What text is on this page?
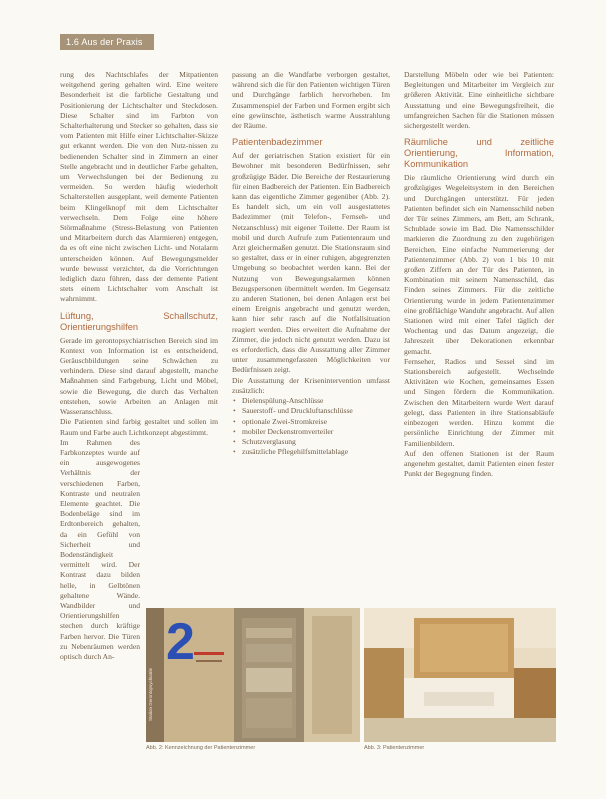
1.6 Aus der Praxis

rung des Nachtschlafes der Mitpatienten weitgehend gering gehalten wird. Eine weitere Besonderheit ist die farbliche Gestaltung und Positionierung der Lichtschalter und Steckdosen. Diese Schalter sind im Farbton von Schalterhalterung und Stecker so gehalten, dass sie vom Patienten mit Hilfe einer Lichtschalter-Skizze gut erkannt werden. Die von den Nutz-nissen zu bedienenden Schalter sind in Zimmern an einer Stelle angebracht und in deutlicher Farbe gehalten, um Verwechslungen bei der Bedienung zu vermeiden. So werden häufig wiederholt Schalterstellen ausgeplant, weil demente Patienten beim Klingelknopf mit dem Lichtschalter verwechseln. Dem Folge eine höhere Störmaßnahme (Stress-Belastung von Patienten und Mitarbeitern durch das Alarmieren) entgegen, da es oft eine nicht zwischen Licht- und Notalarm unterscheiden können. Auf Bewegungsmelder wurde bewusst verzichtet, da die Vorrichtungen lediglich dazu führen, dass der demente Patient stets einem Lichtschalter vom Anschalt ist wahrnimmt.

Lüftung, Schallschutz, Orientierungshilfen

Gerade im gerontopsychiatrischen Bereich sind im Kontext von Information ist es entscheidend, Geräuschbildungen seine Schwächen zu verhindern. Diese sind darauf abgestellt, manche Maßnahmen sind Farbgebung, Licht und Möbel, sowie die Bewegung, die durch das Verhalten entstehen, sowie Arbeiten an Anlagen mit Wasseranschluss.

Die Patienten sind farbig gestaltet und sollen im Raum und Farbe auch Lichtkonzept abgestimmt.

Im Rahmen des Farbkonzeptes wurde auf ein ausgewogenes Verhältnis der verschiedenen Farben, Kontraste und neutralen Elemente geachtet. Die Bodenbeläge sind im Erdtonbereich gehalten, da ein Gefühl von Sicherheit und Bodenständigkeit vermittelt wird. Der Kontrast dazu bilden helle, in Gelbtönen gehaltene Wände. Wandbilder und Orientierungshilfen stechen durch kräftige Farben hervor. Die Türen zu Nebenräumen werden optisch durch An-

passung an die Wandfarbe verborgen gestaltet, während sich die für den Patienten wichtigen Türen und Durchgänge farblich hervorheben. Im Zusammenspiel der Farben und Formen ergibt sich eine gewünschte, ästhetisch warme Ausstrahlung der Räume.

Patientenbadezimmer

Auf der geriatrischen Station existiert für ein Bewohner mit besonderen Bedürfnissen, sehr großzügige Bäder. Die Bereiche der Restaurierung für einen Badbereich der Patienten. Ein Badbereich kann das eigentliche Zimmer gegenüber (Abb. 2). Es handelt sich, um ein voll ausgestattetes Badezimmer (mit Telefon-, Fernseh- und Netzanschluss) mit eigener Toilette. Der Raum ist mobil und durch Aufrufe zum Patientenraum und Arzt gleichermaßen genutzt. Die Stationsraum sind so gestaltet, dass er in einer ruhigen, abgegrenzten Umgebung so beobachtet werden kann. Bei der Nutzung von Bewegungsalarmen können Bezugspersonen übermittelt werden. Im Gegensatz zu anderen Stationen, bei denen Anlagen erst bei einem Ereignis angebracht und genutzt werden, kann hier sehr rasch auf die Notfallsituation reagiert werden. Dies erweitert die Aufnahme der Zimmer, die jedoch nicht genutzt werden. Dazu ist es erforderlich, dass die Ausstattung aller Zimmer unter zusammengefassten Möglichkeiten vor Bedürfnissen zeigt.

Die Ausstattung der Krisenintervention umfasst zusätzlich:

• Dielenspülung-Anschlüsse
• Sauerstoff- und Druckluftanschlüsse
• optionale Zwei-Stromkreise
• mobiler Deckenstromverteiler
• Schutzverglasung
• zusätzliche Pflegehilfsmittelablage

Darstellung Möbeln oder wie bei Patienten: Begleitungen und Mitarbeiter im Vergleich zur größeren Aktivität. Eine einheitliche sichtbare Ausstattung und eine Bewegungsfreiheit, die umfangreichen Sachen für die Stationen müssen sichergestellt werden.

Räumliche und zeitliche Orientierung, Information, Kommunikation

Die räumliche Orientierung wird durch ein großzügiges Wegeleitsystem in den Bereichen und Durchgängen unterstützt. Für jeden Patienten befindet sich ein Namensschild neben der Tür seines Zimmers, am Bett, am Schrank, Schublade sowie im Bad. Die Namensschilder markieren die Zuordnung zu den zugehörigen Bereichen. Eine einfache Nummerierung der Patientenzimmer (Abb. 2) von 1 bis 10 mit großen Ziffern an der Tür des Patienten, in Kombination mit seinem Namensschild, das Finden seines Zimmers. Für die zeitliche Orientierung wurde in jedem Patientenzimmer eine großflächige Wanduhr angebracht. Auf allen Stationen wird mit einer Tafel täglich der Wochentag und das Datum angezeigt, die Jahreszeit über Dekorationen erkennbar gemacht.

Fernseher, Radios und Sessel sind im Stationsbereich aufgestellt. Wechselnde Aktivitäten wie Kochen, gemeinsames Essen und Singen fördern die Kommunikation. Zwischen den Mitarbeitern wurde Wert darauf gelegt, dass Patienten in ihre Stationsabläufe einbezogen werden. Hinzu kommt die persönliche Einrichtung der Zimmer mit Familienbildern.

Auf den offenen Stationen ist der Raum angenehm gestaltet, damit Patienten einen fester Punkt der Begegnung finden.

2
Station Gerontopsychiatrie
Abb. 2: Kennzeichnung der Patientenzimmer	Abb. 3: Patientenzimmer
